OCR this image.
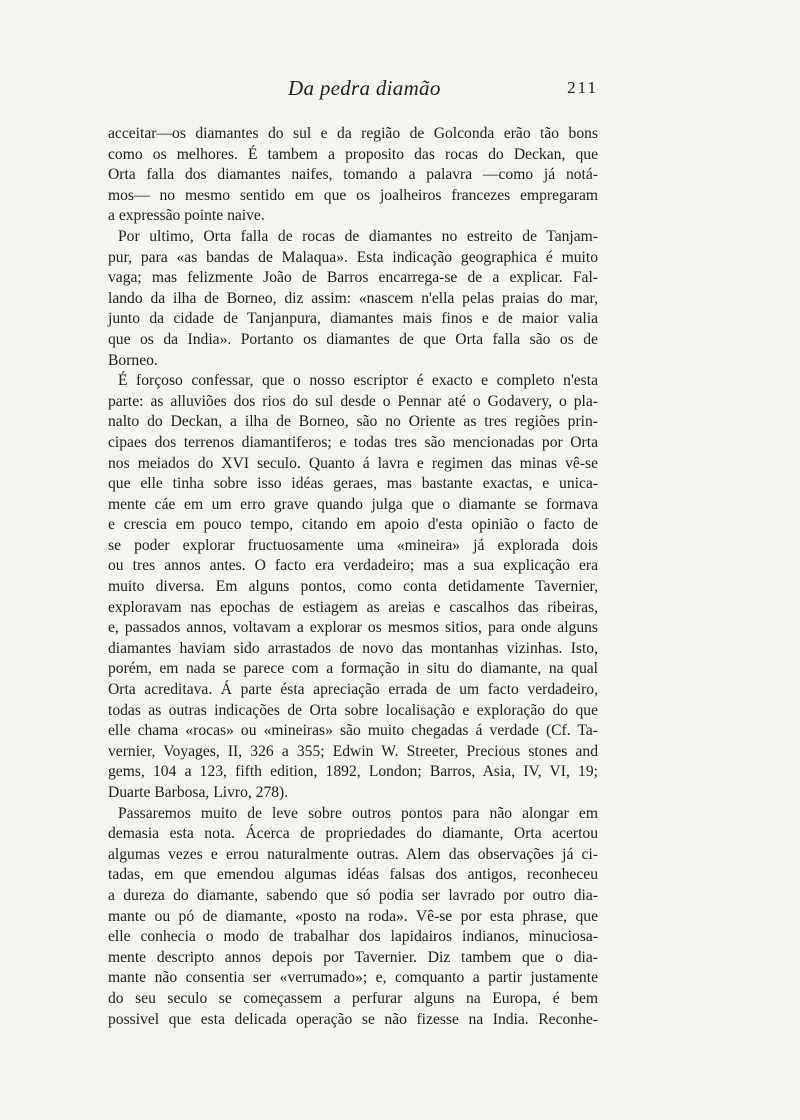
Da pedra diamão	211
acceitar—os diamantes do sul e da região de Golconda erão tão bons
como os melhores. É tambem a proposito das rocas do Deckan, que
Orta falla dos diamantes naifes, tomando a palavra —como já notá-
mos— no mesmo sentido em que os joalheiros francezes empregaram
a expressão pointe naive.
Por ultimo, Orta falla de rocas de diamantes no estreito de Tanjam-
pur, para «as bandas de Malaqua». Esta indicação geographica é muito
vaga; mas felizmente João de Barros encarrega-se de a explicar. Fal-
lando da ilha de Borneo, diz assim: «nascem n'ella pelas praias do mar,
junto da cidade de Tanjanpura, diamantes mais finos e de maior valia
que os da India». Portanto os diamantes de que Orta falla são os de
Borneo.
É forçoso confessar, que o nosso escriptor é exacto e completo n'esta
parte: as alluviões dos rios do sul desde o Pennar até o Godavery, o pla-
nalto do Deckan, a ilha de Borneo, são no Oriente as tres regiões prin-
cipaes dos terrenos diamantiferos; e todas tres são mencionadas por Orta
nos meiados do XVI seculo. Quanto á lavra e regimen das minas vê-se
que elle tinha sobre isso idéas geraes, mas bastante exactas, e unica-
mente cáe em um erro grave quando julga que o diamante se formava
e crescia em pouco tempo, citando em apoio d'esta opinião o facto de
se poder explorar fructuosamente uma «mineira» já explorada dois
ou tres annos antes. O facto era verdadeiro; mas a sua explicação era
muito diversa. Em alguns pontos, como conta detidamente Tavernier,
exploravam nas epochas de estiagem as areias e cascalhos das ribeiras,
e, passados annos, voltavam a explorar os mesmos sitios, para onde alguns
diamantes haviam sido arrastados de novo das montanhas vizinhas. Isto,
porém, em nada se parece com a formação in situ do diamante, na qual
Orta acreditava. Á parte ésta apreciação errada de um facto verdadeiro,
todas as outras indicações de Orta sobre localisação e exploração do que
elle chama «rocas» ou «mineiras» são muito chegadas á verdade (Cf. Ta-
vernier, Voyages, II, 326 a 355; Edwin W. Streeter, Precious stones and
gems, 104 a 123, fifth edition, 1892, London; Barros, Asia, IV, VI, 19;
Duarte Barbosa, Livro, 278).
Passaremos muito de leve sobre outros pontos para não alongar em
demasia esta nota. Ácerca de propriedades do diamante, Orta acertou
algumas vezes e errou naturalmente outras. Alem das observações já ci-
tadas, em que emendou algumas idéas falsas dos antigos, reconheceu
a dureza do diamante, sabendo que só podia ser lavrado por outro dia-
mante ou pó de diamante, «posto na roda». Vê-se por esta phrase, que
elle conhecia o modo de trabalhar dos lapidairos indianos, minuciosa-
mente descripto annos depois por Tavernier. Diz tambem que o dia-
mante não consentia ser «verrumado»; e, comquanto a partir justamente
do seu seculo se começassem a perfurar alguns na Europa, é bem
possivel que esta delicada operação se não fizesse na India. Reconhe-
